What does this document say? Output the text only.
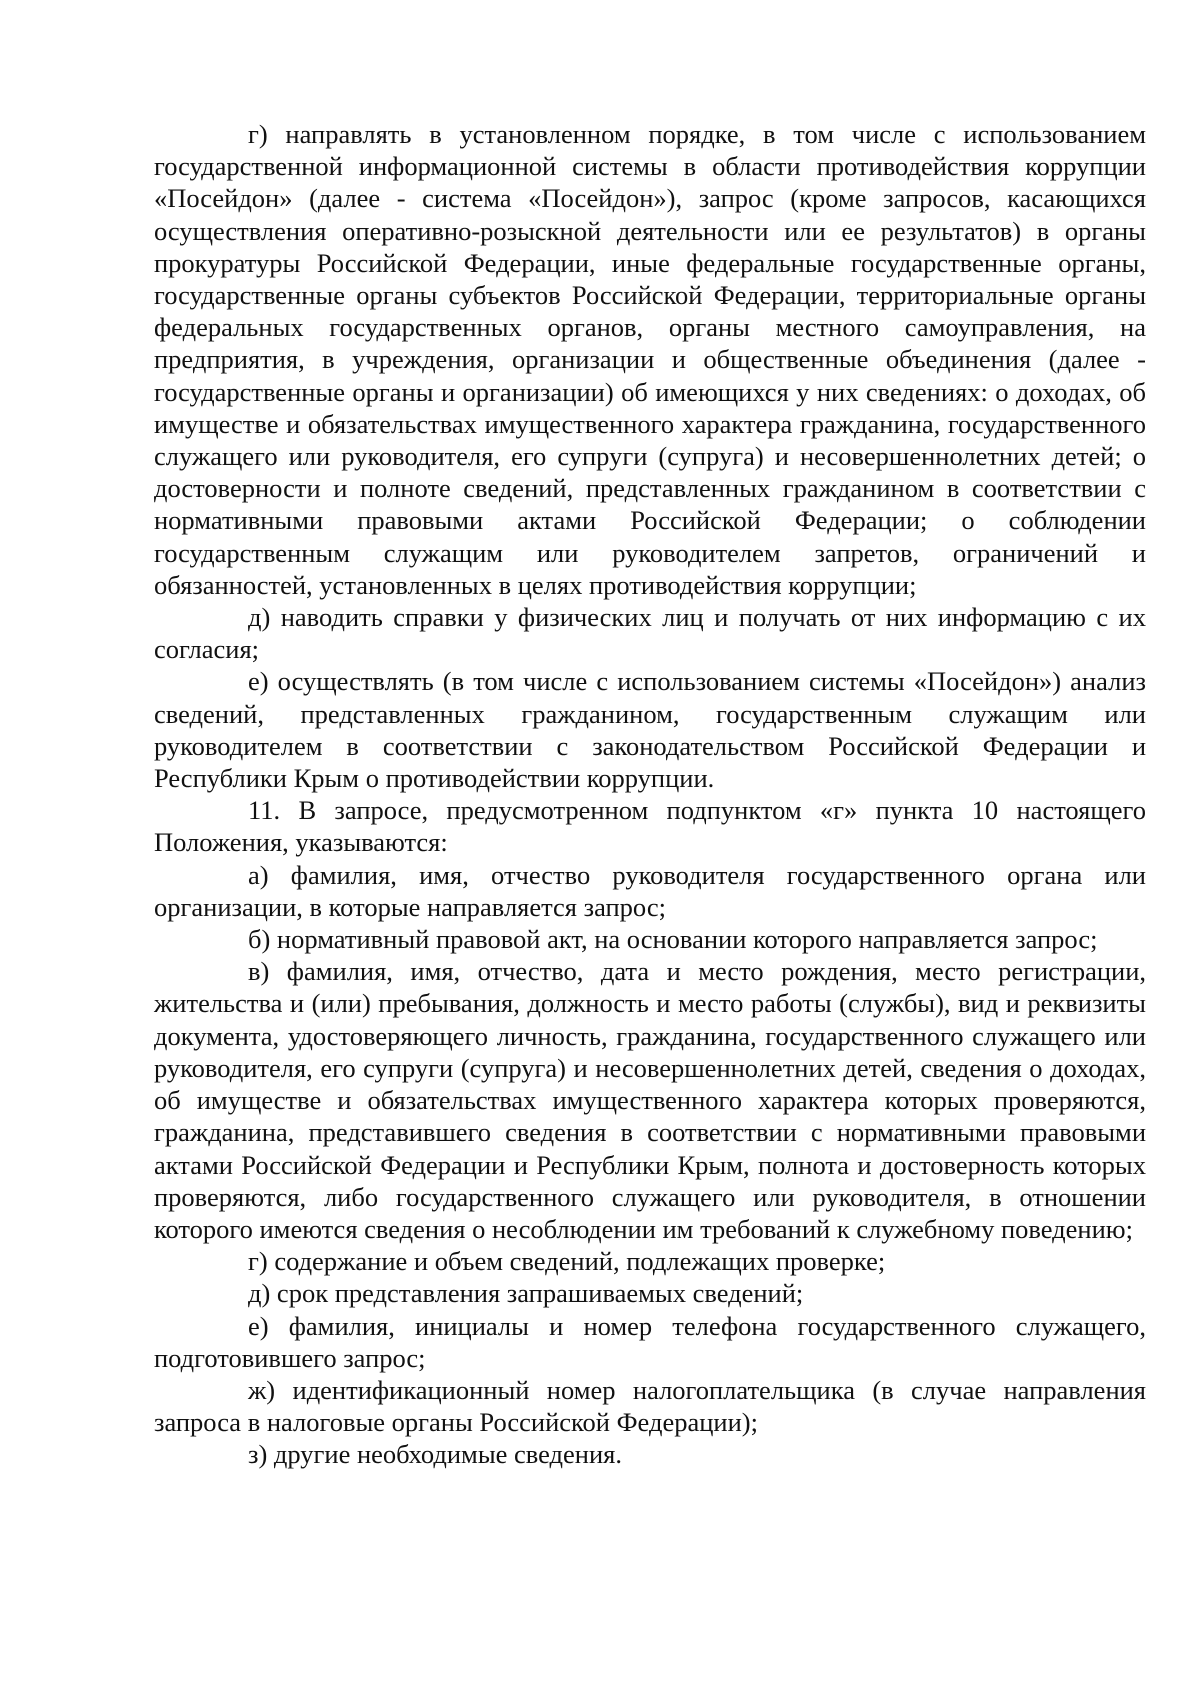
г) направлять в установленном порядке, в том числе с использованием государственной информационной системы в области противодействия коррупции «Посейдон» (далее - система «Посейдон»), запрос (кроме запросов, касающихся осуществления оперативно-розыскной деятельности или ее результатов) в органы прокуратуры Российской Федерации, иные федеральные государственные органы, государственные органы субъектов Российской Федерации, территориальные органы федеральных государственных органов, органы местного самоуправления, на предприятия, в учреждения, организации и общественные объединения (далее - государственные органы и организации) об имеющихся у них сведениях: о доходах, об имуществе и обязательствах имущественного характера гражданина, государственного служащего или руководителя, его супруги (супруга) и несовершеннолетних детей; о достоверности и полноте сведений, представленных гражданином в соответствии с нормативными правовыми актами Российской Федерации; о соблюдении государственным служащим или руководителем запретов, ограничений и обязанностей, установленных в целях противодействия коррупции;

д) наводить справки у физических лиц и получать от них информацию с их согласия;

е) осуществлять (в том числе с использованием системы «Посейдон») анализ сведений, представленных гражданином, государственным служащим или руководителем в соответствии с законодательством Российской Федерации и Республики Крым о противодействии коррупции.

11. В запросе, предусмотренном подпунктом «г» пункта 10 настоящего Положения, указываются:

а) фамилия, имя, отчество руководителя государственного органа или организации, в которые направляется запрос;

б) нормативный правовой акт, на основании которого направляется запрос;

в) фамилия, имя, отчество, дата и место рождения, место регистрации, жительства и (или) пребывания, должность и место работы (службы), вид и реквизиты документа, удостоверяющего личность, гражданина, государственного служащего или руководителя, его супруги (супруга) и несовершеннолетних детей, сведения о доходах, об имуществе и обязательствах имущественного характера которых проверяются, гражданина, представившего сведения в соответствии с нормативными правовыми актами Российской Федерации и Республики Крым, полнота и достоверность которых проверяются, либо государственного служащего или руководителя, в отношении которого имеются сведения о несоблюдении им требований к служебному поведению;

г) содержание и объем сведений, подлежащих проверке;

д) срок представления запрашиваемых сведений;

е) фамилия, инициалы и номер телефона государственного служащего, подготовившего запрос;

ж) идентификационный номер налогоплательщика (в случае направления запроса в налоговые органы Российской Федерации);

з) другие необходимые сведения.
